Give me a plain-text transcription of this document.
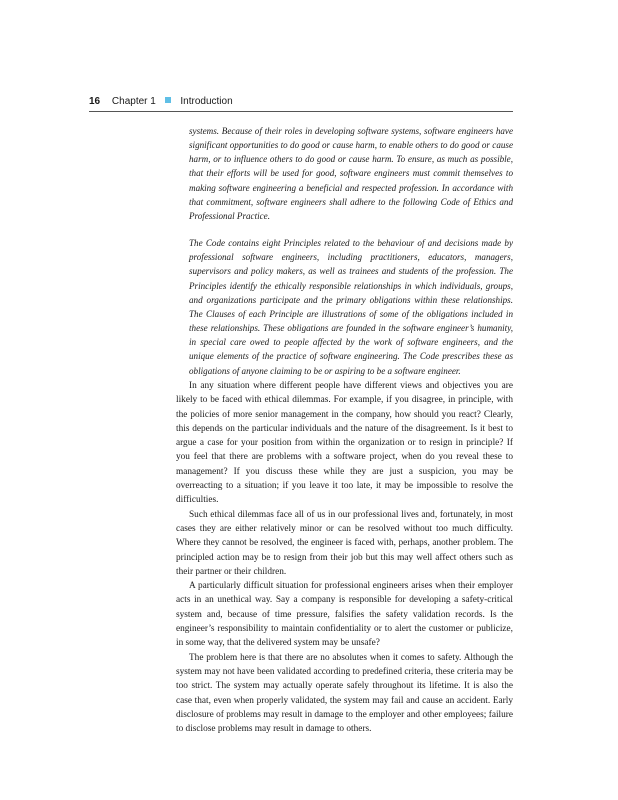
16 Chapter 1 Introduction

systems. Because of their roles in developing software systems, software engineers have significant opportunities to do good or cause harm, to enable others to do good or cause harm, or to influence others to do good or cause harm. To ensure, as much as possible, that their efforts will be used for good, software engineers must commit themselves to making software engineering a beneficial and respected profession. In accordance with that commitment, software engineers shall adhere to the following Code of Ethics and Professional Practice.

The Code contains eight Principles related to the behaviour of and decisions made by professional software engineers, including practitioners, educators, managers, supervisors and policy makers, as well as trainees and students of the profession. The Principles identify the ethically responsible relationships in which individuals, groups, and organizations participate and the primary obligations within these relationships. The Clauses of each Principle are illustrations of some of the obligations included in these relationships. These obligations are founded in the software engineer’s humanity, in special care owed to people affected by the work of software engineers, and the unique elements of the practice of software engineering. The Code prescribes these as obligations of anyone claiming to be or aspiring to be a software engineer.

In any situation where different people have different views and objectives you are likely to be faced with ethical dilemmas. For example, if you disagree, in principle, with the policies of more senior management in the company, how should you react? Clearly, this depends on the particular individuals and the nature of the disagreement. Is it best to argue a case for your position from within the organization or to resign in principle? If you feel that there are problems with a software project, when do you reveal these to management? If you discuss these while they are just a suspicion, you may be overreacting to a situation; if you leave it too late, it may be impossible to resolve the difficulties.

Such ethical dilemmas face all of us in our professional lives and, fortunately, in most cases they are either relatively minor or can be resolved without too much difficulty. Where they cannot be resolved, the engineer is faced with, perhaps, another problem. The principled action may be to resign from their job but this may well affect others such as their partner or their children.

A particularly difficult situation for professional engineers arises when their employer acts in an unethical way. Say a company is responsible for developing a safety-critical system and, because of time pressure, falsifies the safety validation records. Is the engineer’s responsibility to maintain confidentiality or to alert the customer or publicize, in some way, that the delivered system may be unsafe?

The problem here is that there are no absolutes when it comes to safety. Although the system may not have been validated according to predefined criteria, these criteria may be too strict. The system may actually operate safely throughout its lifetime. It is also the case that, even when properly validated, the system may fail and cause an accident. Early disclosure of problems may result in damage to the employer and other employees; failure to disclose problems may result in damage to others.
